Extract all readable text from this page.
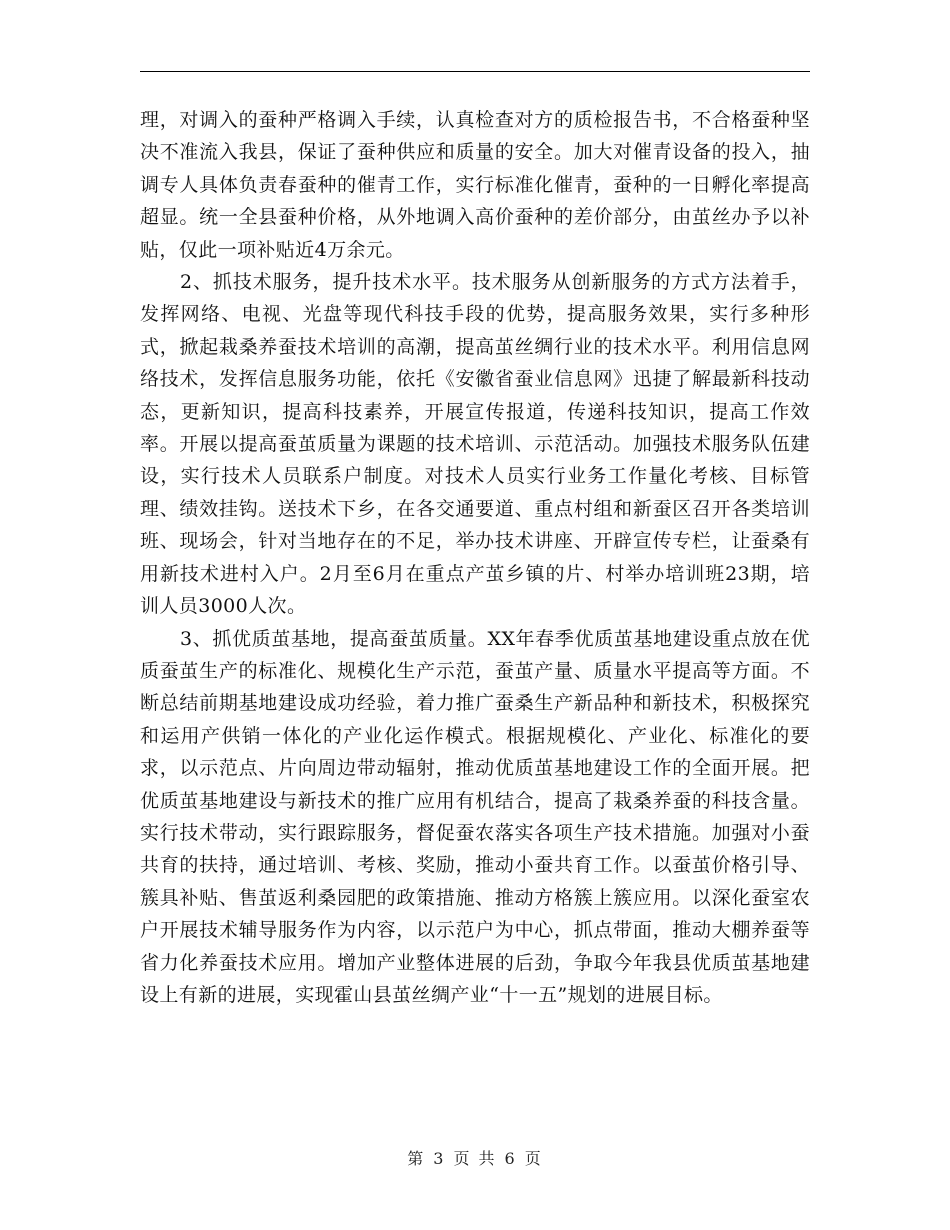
理，对调入的蚕种严格调入手续，认真检查对方的质检报告书，不合格蚕种坚决不准流入我县，保证了蚕种供应和质量的安全。加大对催青设备的投入，抽调专人具体负责春蚕种的催青工作，实行标准化催青，蚕种的一日孵化率提高超显。统一全县蚕种价格，从外地调入高价蚕种的差价部分，由茧丝办予以补贴，仅此一项补贴近4万余元。

2、抓技术服务，提升技术水平。技术服务从创新服务的方式方法着手，发挥网络、电视、光盘等现代科技手段的优势，提高服务效果，实行多种形式，掀起栽桑养蚕技术培训的高潮，提高茧丝绸行业的技术水平。利用信息网络技术，发挥信息服务功能，依托《安徽省蚕业信息网》迅捷了解最新科技动态，更新知识，提高科技素养，开展宣传报道，传递科技知识，提高工作效率。开展以提高蚕茧质量为课题的技术培训、示范活动。加强技术服务队伍建设，实行技术人员联系户制度。对技术人员实行业务工作量化考核、目标管理、绩效挂钩。送技术下乡，在各交通要道、重点村组和新蚕区召开各类培训班、现场会，针对当地存在的不足，举办技术讲座、开辟宣传专栏，让蚕桑有用新技术进村入户。2月至6月在重点产茧乡镇的片、村举办培训班23期，培训人员3000人次。

3、抓优质茧基地，提高蚕茧质量。XX年春季优质茧基地建设重点放在优质蚕茧生产的标准化、规模化生产示范，蚕茧产量、质量水平提高等方面。不断总结前期基地建设成功经验，着力推广蚕桑生产新品种和新技术，积极探究和运用产供销一体化的产业化运作模式。根据规模化、产业化、标准化的要求，以示范点、片向周边带动辐射，推动优质茧基地建设工作的全面开展。把优质茧基地建设与新技术的推广应用有机结合，提高了栽桑养蚕的科技含量。实行技术带动，实行跟踪服务，督促蚕农落实各项生产技术措施。加强对小蚕共育的扶持，通过培训、考核、奖励，推动小蚕共育工作。以蚕茧价格引导、簇具补贴、售茧返利桑园肥的政策措施、推动方格簇上簇应用。以深化蚕室农户开展技术辅导服务作为内容，以示范户为中心，抓点带面，推动大棚养蚕等省力化养蚕技术应用。增加产业整体进展的后劲，争取今年我县优质茧基地建设上有新的进展，实现霍山县茧丝绸产业“十一五”规划的进展目标。

第 3 页 共 6 页
